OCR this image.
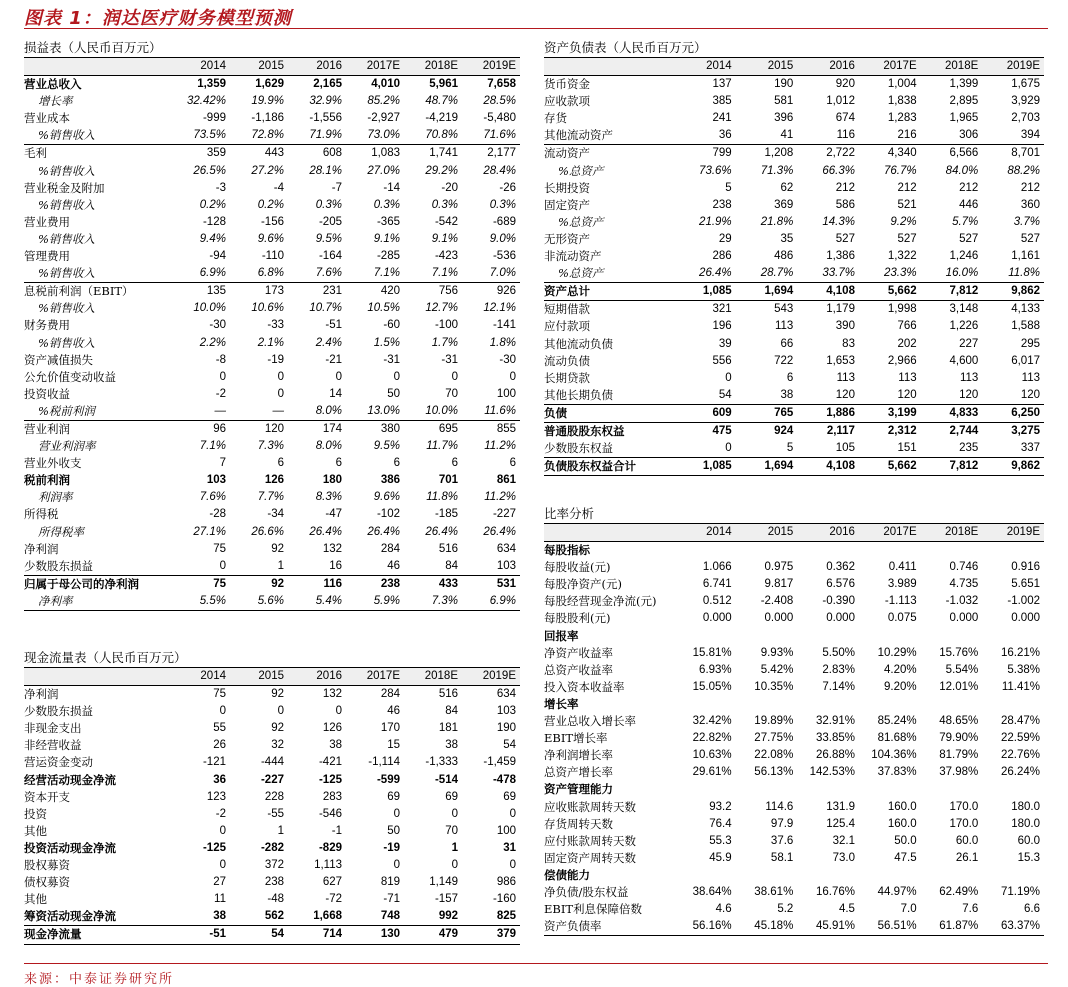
图表 1：润达医疗财务模型预测
损益表（人民币百万元）
	2014	2015	2016	2017E	2018E	2019E
营业总收入	1,359	1,629	2,165	4,010	5,961	7,658
增长率	32.42%	19.9%	32.9%	85.2%	48.7%	28.5%
营业成本	-999	-1,186	-1,556	-2,927	-4,219	-5,480
%销售收入	73.5%	72.8%	71.9%	73.0%	70.8%	71.6%
毛利	359	443	608	1,083	1,741	2,177
%销售收入	26.5%	27.2%	28.1%	27.0%	29.2%	28.4%
营业税金及附加	-3	-4	-7	-14	-20	-26
%销售收入	0.2%	0.2%	0.3%	0.3%	0.3%	0.3%
营业费用	-128	-156	-205	-365	-542	-689
%销售收入	9.4%	9.6%	9.5%	9.1%	9.1%	9.0%
管理费用	-94	-110	-164	-285	-423	-536
%销售收入	6.9%	6.8%	7.6%	7.1%	7.1%	7.0%
息税前利润（EBIT）	135	173	231	420	756	926
%销售收入	10.0%	10.6%	10.7%	10.5%	12.7%	12.1%
财务费用	-30	-33	-51	-60	-100	-141
%销售收入	2.2%	2.1%	2.4%	1.5%	1.7%	1.8%
资产减值损失	-8	-19	-21	-31	-31	-30
公允价值变动收益	0	0	0	0	0	0
投资收益	-2	0	14	50	70	100
%税前利润	—	—	8.0%	13.0%	10.0%	11.6%
营业利润	96	120	174	380	695	855
营业利润率	7.1%	7.3%	8.0%	9.5%	11.7%	11.2%
营业外收支	7	6	6	6	6	6
税前利润	103	126	180	386	701	861
利润率	7.6%	7.7%	8.3%	9.6%	11.8%	11.2%
所得税	-28	-34	-47	-102	-185	-227
所得税率	27.1%	26.6%	26.4%	26.4%	26.4%	26.4%
净利润	75	92	132	284	516	634
少数股东损益	0	1	16	46	84	103
归属于母公司的净利润	75	92	116	238	433	531
净利率	5.5%	5.6%	5.4%	5.9%	7.3%	6.9%
现金流量表（人民币百万元）
	2014	2015	2016	2017E	2018E	2019E
净利润	75	92	132	284	516	634
少数股东损益	0	0	0	46	84	103
非现金支出	55	92	126	170	181	190
非经营收益	26	32	38	15	38	54
营运资金变动	-121	-444	-421	-1,114	-1,333	-1,459
经营活动现金净流	36	-227	-125	-599	-514	-478
资本开支	123	228	283	69	69	69
投资	-2	-55	-546	0	0	0
其他	0	1	-1	50	70	100
投资活动现金净流	-125	-282	-829	-19	1	31
股权募资	0	372	1,113	0	0	0
债权募资	27	238	627	819	1,149	986
其他	11	-48	-72	-71	-157	-160
筹资活动现金净流	38	562	1,668	748	992	825
现金净流量	-51	54	714	130	479	379
资产负债表（人民币百万元）
	2014	2015	2016	2017E	2018E	2019E
货币资金	137	190	920	1,004	1,399	1,675
应收款项	385	581	1,012	1,838	2,895	3,929
存货	241	396	674	1,283	1,965	2,703
其他流动资产	36	41	116	216	306	394
流动资产	799	1,208	2,722	4,340	6,566	8,701
%总资产	73.6%	71.3%	66.3%	76.7%	84.0%	88.2%
长期投资	5	62	212	212	212	212
固定资产	238	369	586	521	446	360
%总资产	21.9%	21.8%	14.3%	9.2%	5.7%	3.7%
无形资产	29	35	527	527	527	527
非流动资产	286	486	1,386	1,322	1,246	1,161
%总资产	26.4%	28.7%	33.7%	23.3%	16.0%	11.8%
资产总计	1,085	1,694	4,108	5,662	7,812	9,862
短期借款	321	543	1,179	1,998	3,148	4,133
应付款项	196	113	390	766	1,226	1,588
其他流动负债	39	66	83	202	227	295
流动负债	556	722	1,653	2,966	4,600	6,017
长期贷款	0	6	113	113	113	113
其他长期负债	54	38	120	120	120	120
负债	609	765	1,886	3,199	4,833	6,250
普通股股东权益	475	924	2,117	2,312	2,744	3,275
少数股东权益	0	5	105	151	235	337
负债股东权益合计	1,085	1,694	4,108	5,662	7,812	9,862
比率分析
	2014	2015	2016	2017E	2018E	2019E
每股指标						
每股收益(元)	1.066	0.975	0.362	0.411	0.746	0.916
每股净资产(元)	6.741	9.817	6.576	3.989	4.735	5.651
每股经营现金净流(元)	0.512	-2.408	-0.390	-1.113	-1.032	-1.002
每股股利(元)	0.000	0.000	0.000	0.075	0.000	0.000
回报率						
净资产收益率	15.81%	9.93%	5.50%	10.29%	15.76%	16.21%
总资产收益率	6.93%	5.42%	2.83%	4.20%	5.54%	5.38%
投入资本收益率	15.05%	10.35%	7.14%	9.20%	12.01%	11.41%
增长率						
营业总收入增长率	32.42%	19.89%	32.91%	85.24%	48.65%	28.47%
EBIT增长率	22.82%	27.75%	33.85%	81.68%	79.90%	22.59%
净利润增长率	10.63%	22.08%	26.88%	104.36%	81.79%	22.76%
总资产增长率	29.61%	56.13%	142.53%	37.83%	37.98%	26.24%
资产管理能力						
应收账款周转天数	93.2	114.6	131.9	160.0	170.0	180.0
存货周转天数	76.4	97.9	125.4	160.0	170.0	180.0
应付账款周转天数	55.3	37.6	32.1	50.0	60.0	60.0
固定资产周转天数	45.9	58.1	73.0	47.5	26.1	15.3
偿债能力						
净负债/股东权益	38.64%	38.61%	16.76%	44.97%	62.49%	71.19%
EBIT利息保障倍数	4.6	5.2	4.5	7.0	7.6	6.6
资产负债率	56.16%	45.18%	45.91%	56.51%	61.87%	63.37%
来源：中泰证券研究所
